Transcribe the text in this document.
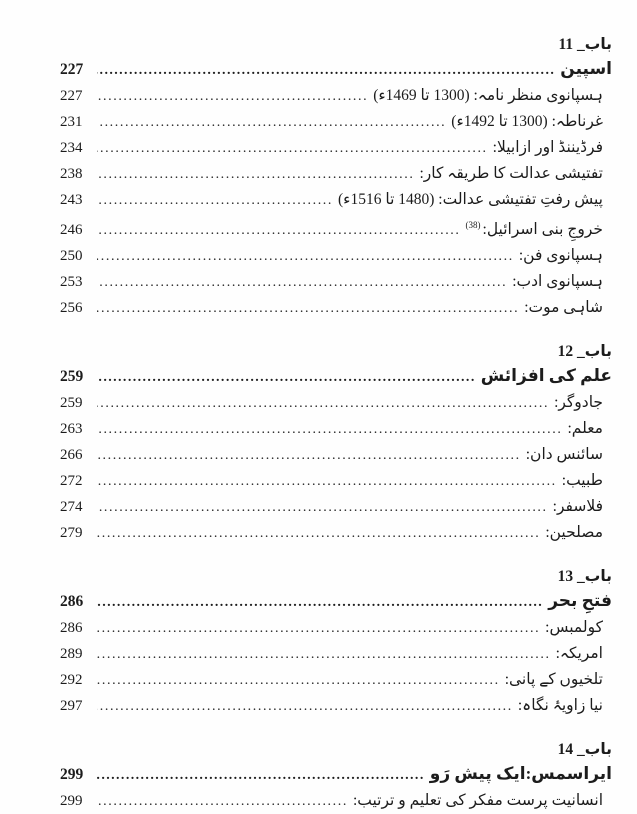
باب_ 11
اسپین
.....
227
ہسپانوی منظر نامہ: (1300 تا 1469ء)
.....
227
غرناطہ: (1300 تا 1492ء)
.....
231
فرڈیننڈ اور ازابیلا:
.....
234
تفتیشی عدالت کا طریقہ کار:
.....
238
پیش رفتِ تفتیشی عدالت: (1480 تا 1516ء)
.....
243
خروجِ بنی اسرائیل:$^{(38)}$
.....
246
ہسپانوی فن:
.....
250
ہسپانوی ادب:
.....
253
شاہی موت:
.....
256
باب_ 12
علم کی افزائش
.....
259
جادوگر:
.....
259
معلم:
.....
263
سائنس دان:
.....
266
طبیب:
.....
272
فلاسفر:
.....
274
مصلحین:
.....
279
باب_ 13
فتحِ بحر
.....
286
کولمبس:
.....
286
امریکہ:
.....
289
تلخیوں کے پانی:
.....
292
نیا زاویۂ نگاہ:
.....
297
باب_ 14
ایراسمس:ایک پیش رَو
.....
299
انسانیت پرست مفکر کی تعلیم و ترتیب:
.....
299
